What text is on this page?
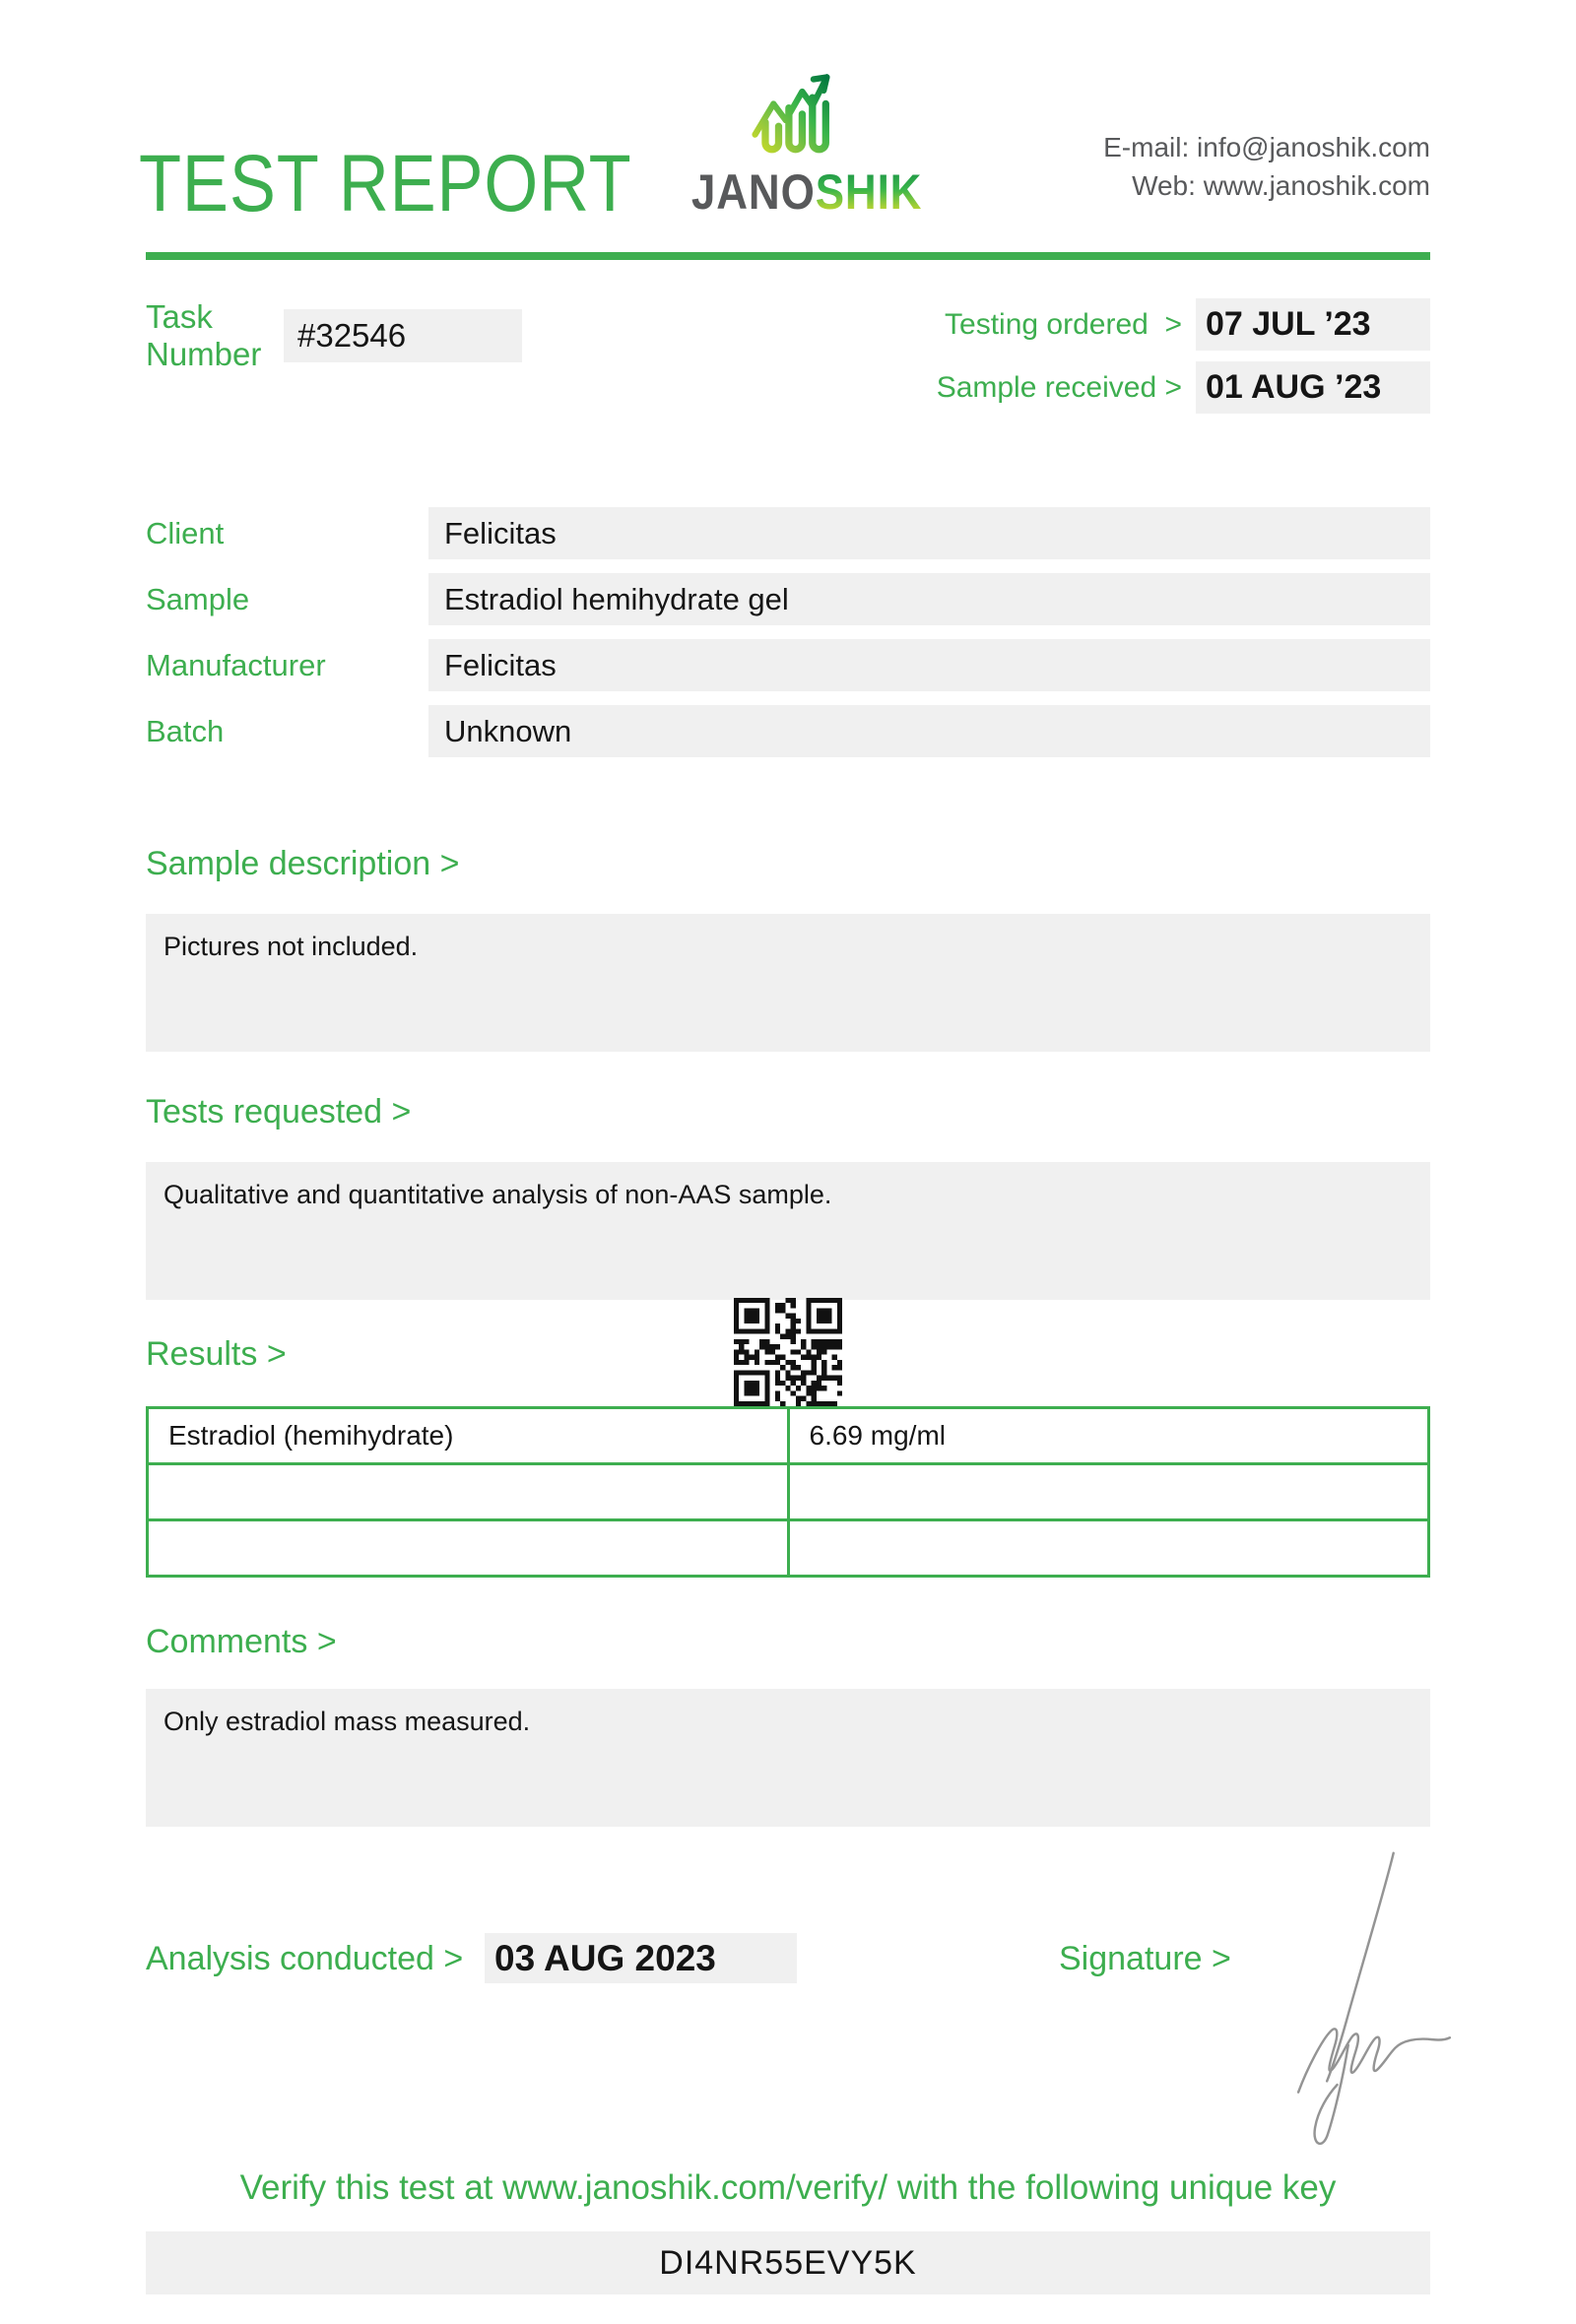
TEST REPORT JANOSHIK
E-mail: info@janoshik.com
Web: www.janoshik.com
Task Number
#32546	Testing ordered  > 07 JUL ’23
Sample received > 01 AUG ’23
Client	Felicitas
Sample	Estradiol hemihydrate gel
Manufacturer	Felicitas
Batch	Unknown
Sample description >
Pictures not included.
Tests requested >
Qualitative and quantitative analysis of non-AAS sample.
Results >
Estradiol (hemihydrate)	6.69 mg/ml

Comments >
Only estradiol mass measured.
Analysis conducted > 03 AUG 2023	Signature >
Verify this test at www.janoshik.com/verify/ with the following unique key
DI4NR55EVY5K
